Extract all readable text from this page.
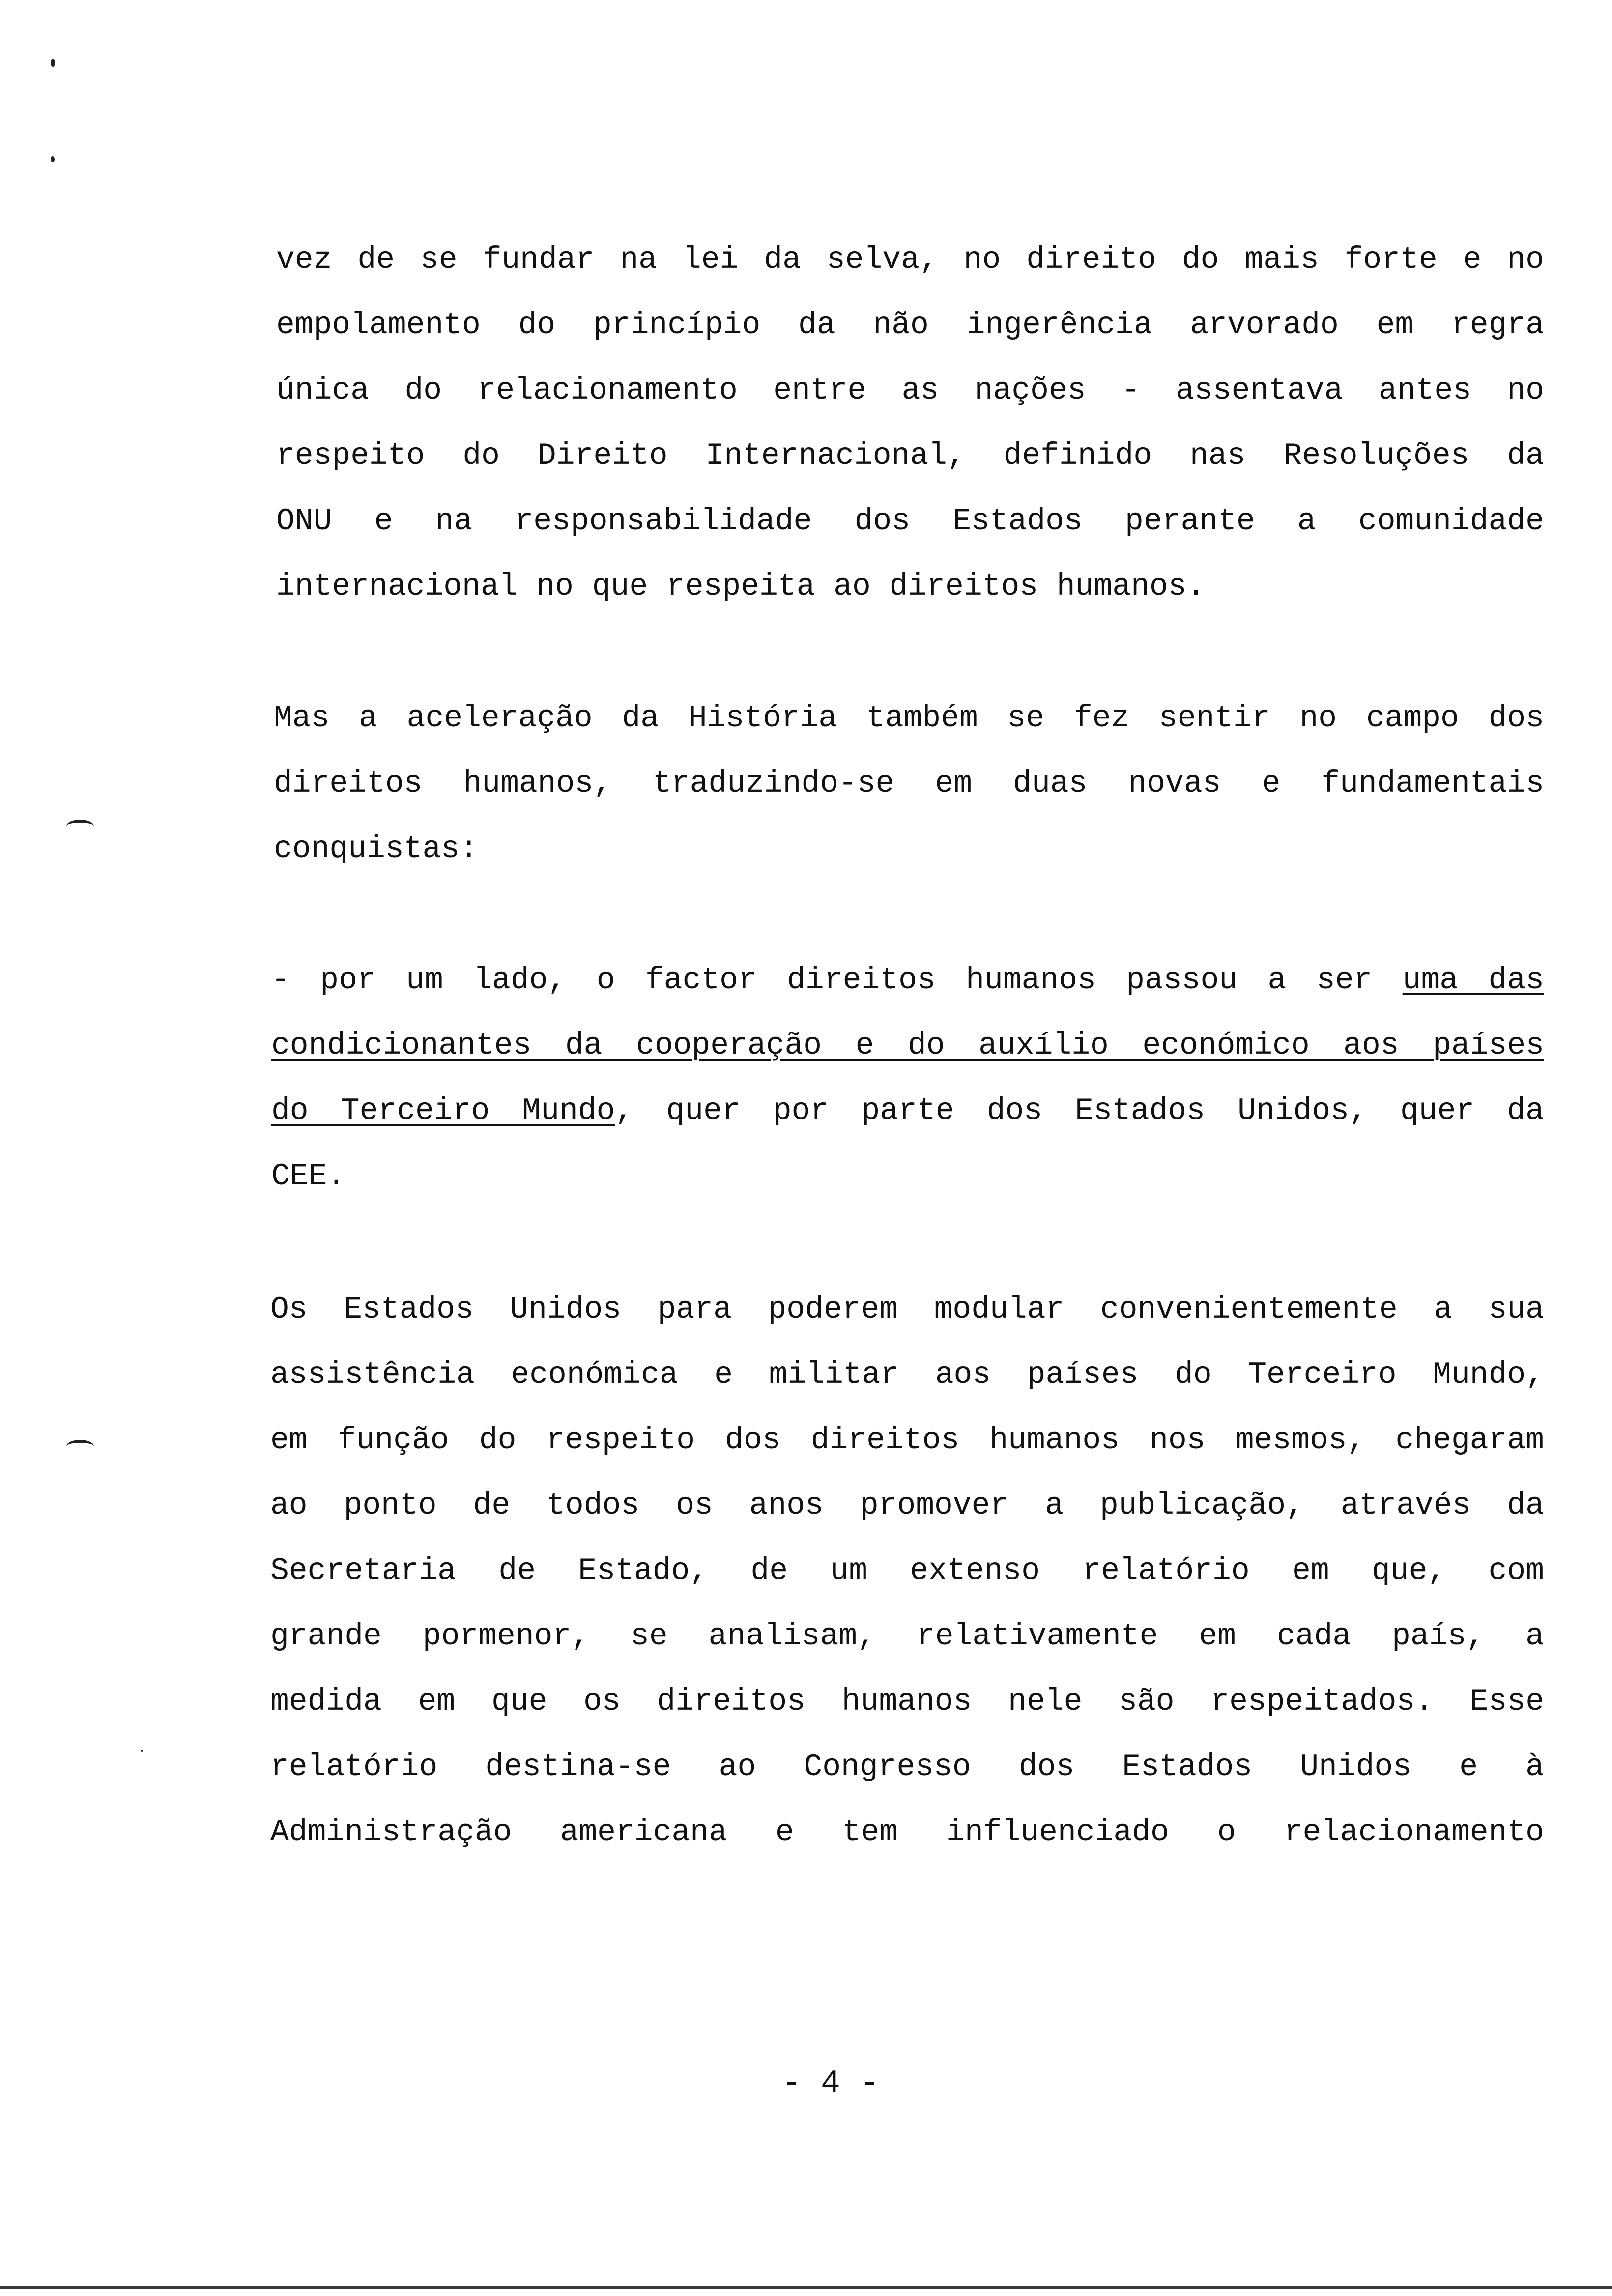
vez de se fundar na lei da selva, no direito do mais forte e no
empolamento do princípio da não ingerência arvorado em regra
única do relacionamento entre as nações - assentava antes no
respeito do Direito Internacional, definido nas Resoluções da
ONU e na responsabilidade dos Estados perante a comunidade
internacional no que respeita ao direitos humanos.
Mas a aceleração da História também se fez sentir no campo dos
direitos humanos, traduzindo-se em duas novas e fundamentais
conquistas:
- por um lado, o factor direitos humanos passou a ser uma das
condicionantes da cooperação e do auxílio económico aos países
do Terceiro Mundo, quer por parte dos Estados Unidos, quer da
CEE.
Os Estados Unidos para poderem modular convenientemente a sua
assistência económica e militar aos países do Terceiro Mundo,
em função do respeito dos direitos humanos nos mesmos, chegaram
ao ponto de todos os anos promover a publicação, através da
Secretaria de Estado, de um extenso relatório em que, com
grande pormenor, se analisam, relativamente em cada país, a
medida em que os direitos humanos nele são respeitados. Esse
relatório destina-se ao Congresso dos Estados Unidos e à
Administração americana e tem influenciado o relacionamento
- 4 -
